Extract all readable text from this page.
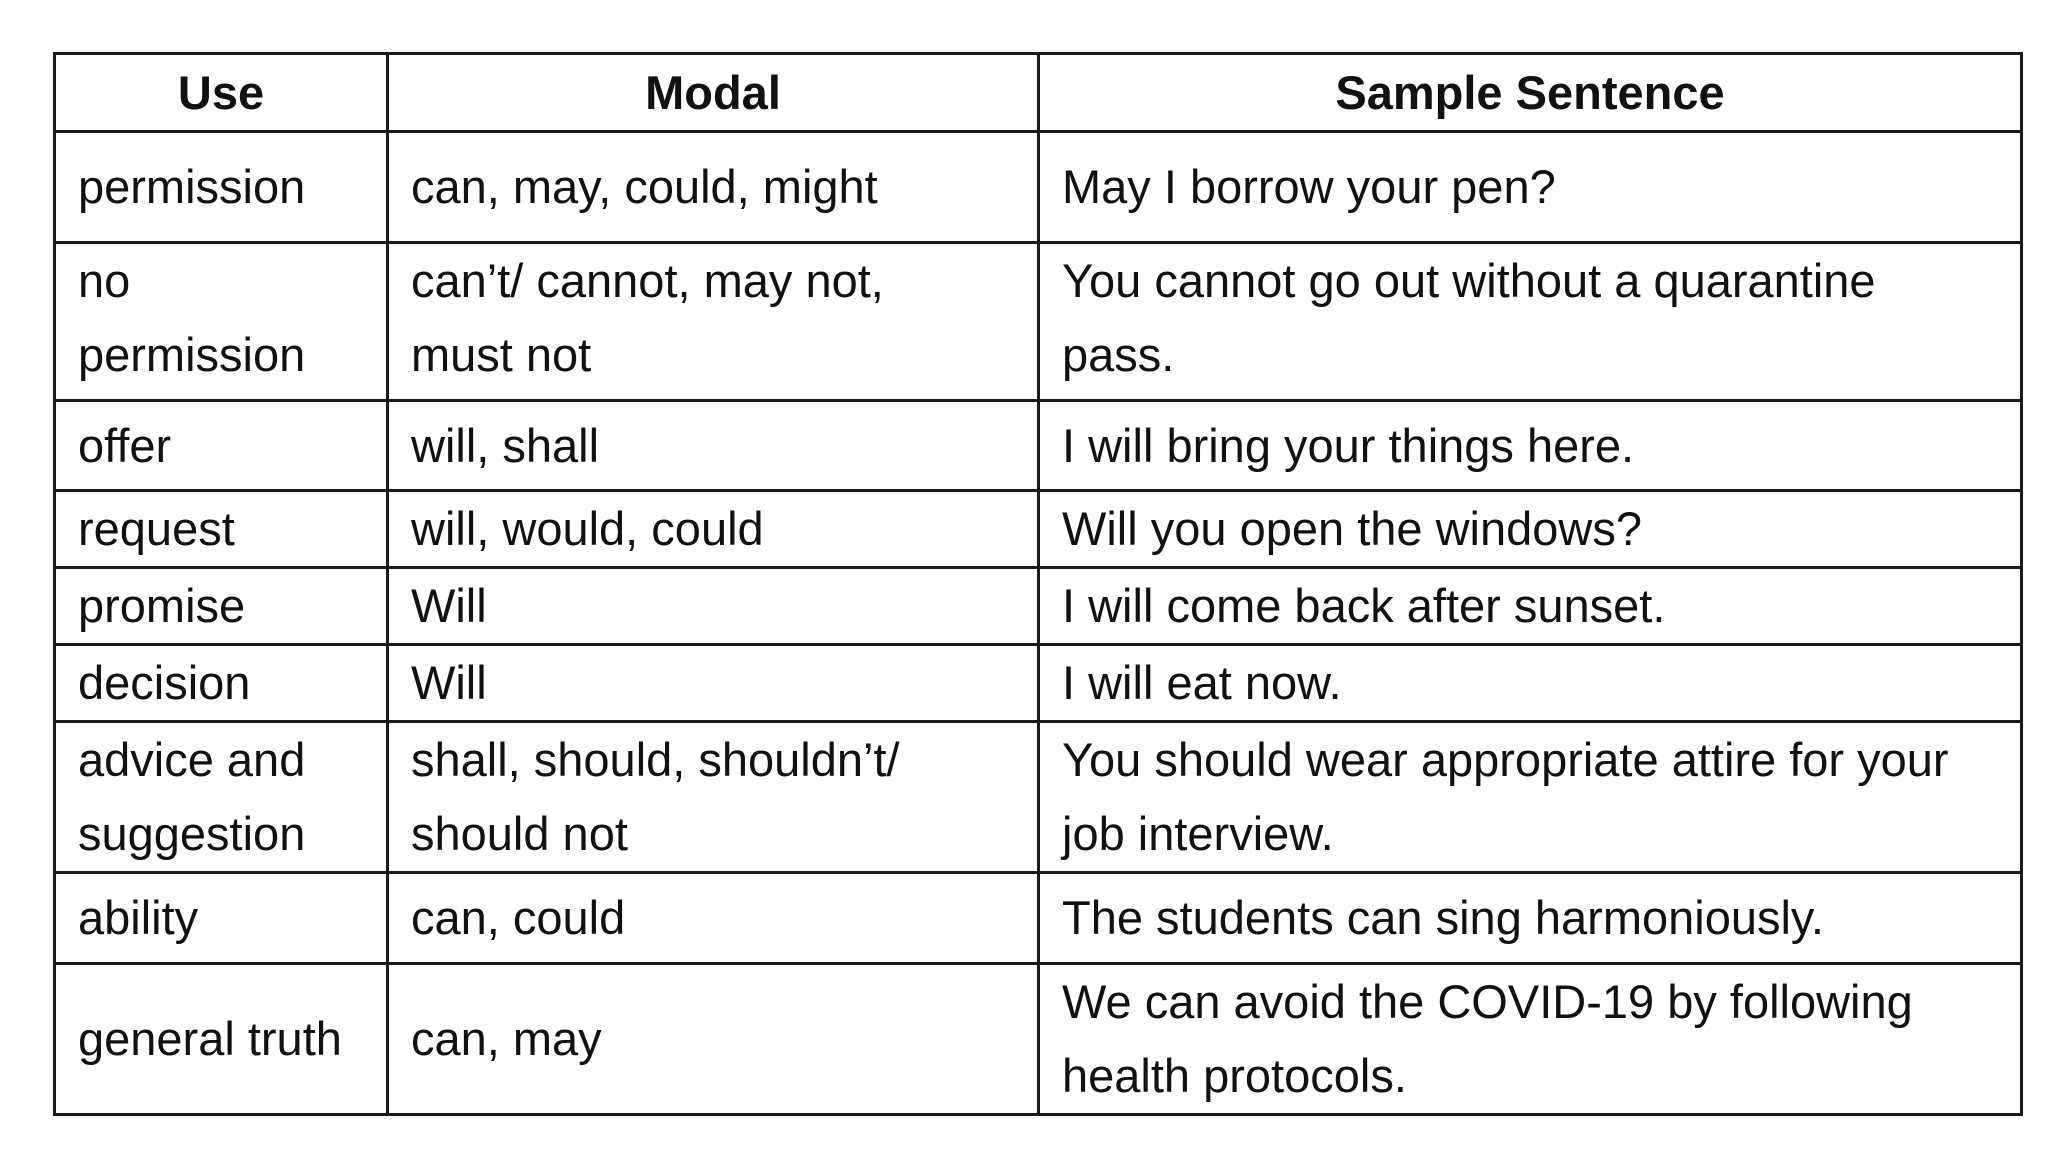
Use	Modal	Sample Sentence

permission	can, may, could, might	May I borrow your pen?

no permission	can’t/ cannot, may not, must not	You cannot go out without a quarantine pass.

offer	will, shall	I will bring your things here.

request	will, would, could	Will you open the windows?

promise	Will	I will come back after sunset.

decision	Will	I will eat now.

advice and suggestion	shall, should, shouldn’t/ should not	You should wear appropriate attire for your job interview.

ability	can, could	The students can sing harmoniously.

general truth	can, may	We can avoid the COVID-19 by following health protocols.
